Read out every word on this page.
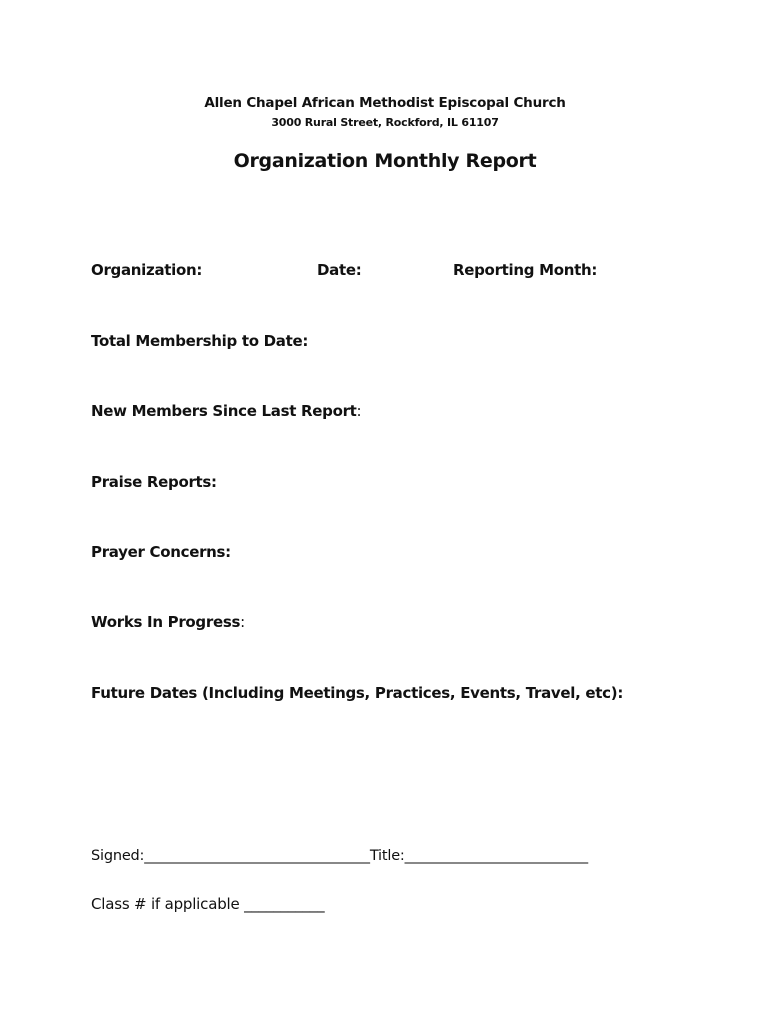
Allen Chapel African Methodist Episcopal Church
3000 Rural Street, Rockford, IL 61107
Organization Monthly Report
Organization:	Date:	Reporting Month:
Total Membership to Date:
New Members Since Last Report:
Praise Reports:
Prayer Concerns:
Works In Progress:
Future Dates (Including Meetings, Practices, Events, Travel, etc):
Signed:________________________________Title:__________________________
Class # if applicable ___________
